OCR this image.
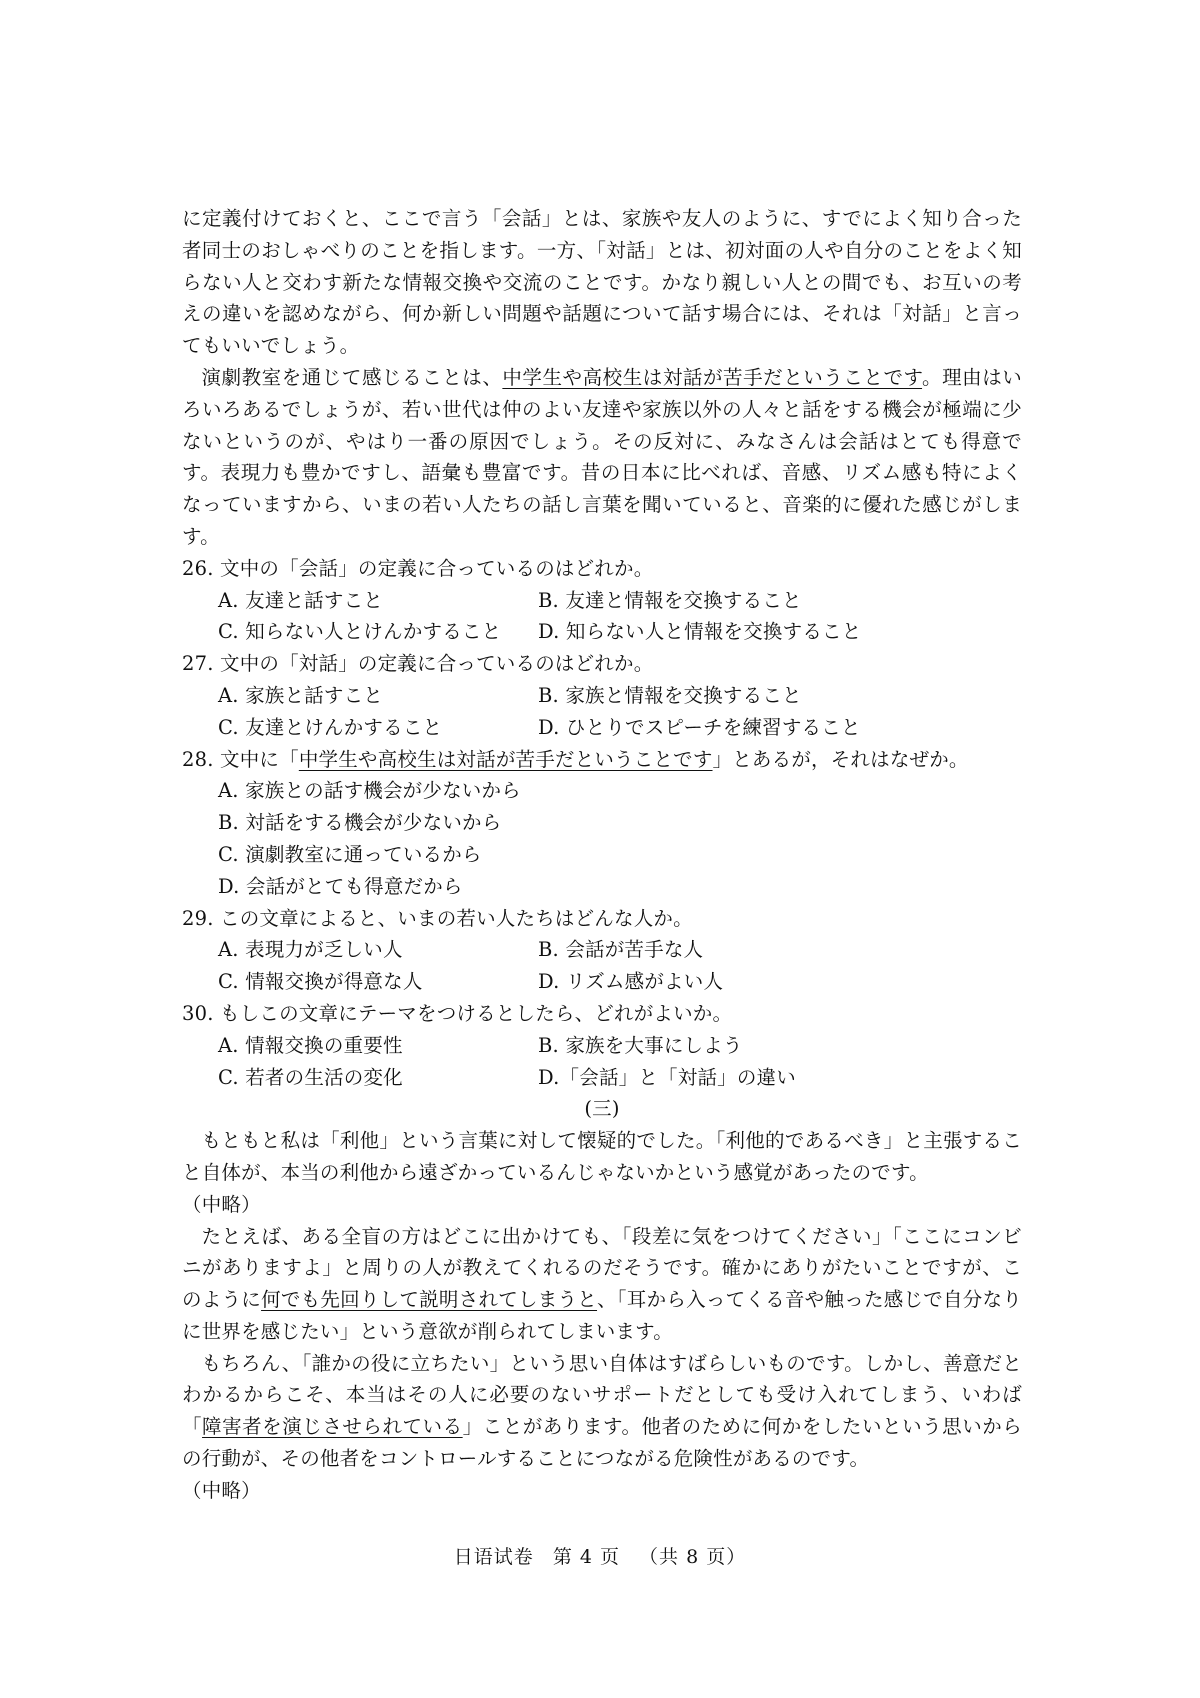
に定義付けておくと、ここで言う「会話」とは、家族や友人のように、すでによく知り合った者同士のおしゃべりのことを指します。一方、「対話」とは、初対面の人や自分のことをよく知らない人と交わす新たな情報交換や交流のことです。かなり親しい人との間でも、お互いの考えの違いを認めながら、何か新しい問題や話題について話す場合には、それは「対話」と言ってもいいでしょう。

演劇教室を通じて感じることは、中学生や高校生は対話が苦手だということです。理由はいろいろあるでしょうが、若い世代は仲のよい友達や家族以外の人々と話をする機会が極端に少ないというのが、やはり一番の原因でしょう。その反対に、みなさんは会話はとても得意です。表現力も豊かですし、語彙も豊富です。昔の日本に比べれば、音感、リズム感も特によくなっていますから、いまの若い人たちの話し言葉を聞いていると、音楽的に優れた感じがします。

26. 文中の「会話」の定義に合っているのはどれか。

A. 友達と話すこと	B. 友達と情報を交換すること
C. 知らない人とけんかすること	D. 知らない人と情報を交換すること

27. 文中の「対話」の定義に合っているのはどれか。

A. 家族と話すこと	B. 家族と情報を交換すること
C. 友達とけんかすること	D. ひとりでスピーチを練習すること

28. 文中に「中学生や高校生は対話が苦手だということです」とあるが，それはなぜか。

A. 家族との話す機会が少ないから
B. 対話をする機会が少ないから
C. 演劇教室に通っているから
D. 会話がとても得意だから

29. この文章によると、いまの若い人たちはどんな人か。

A. 表現力が乏しい人	B. 会話が苦手な人
C. 情報交換が得意な人	D. リズム感がよい人

30. もしこの文章にテーマをつけるとしたら、どれがよいか。

A. 情報交換の重要性	B. 家族を大事にしよう
C. 若者の生活の変化	D.「会話」と「対話」の違い

(三)

もともと私は「利他」という言葉に対して懐疑的でした。「利他的であるべき」と主張すること自体が、本当の利他から遠ざかっているんじゃないかという感覚があったのです。

（中略）

たとえば、ある全盲の方はどこに出かけても、「段差に気をつけてください」「ここにコンビニがありますよ」と周りの人が教えてくれるのだそうです。確かにありがたいことですが、このように何でも先回りして説明されてしまうと、「耳から入ってくる音や触った感じで自分なりに世界を感じたい」という意欲が削られてしまいます。

もちろん、「誰かの役に立ちたい」という思い自体はすばらしいものです。しかし、善意だとわかるからこそ、本当はその人に必要のないサポートだとしても受け入れてしまう、いわば「障害者を演じさせられている」ことがあります。他者のために何かをしたいという思いからの行動が、その他者をコントロールすることにつながる危険性があるのです。

（中略）

日语试卷 第 4 页 （共 8 页）
